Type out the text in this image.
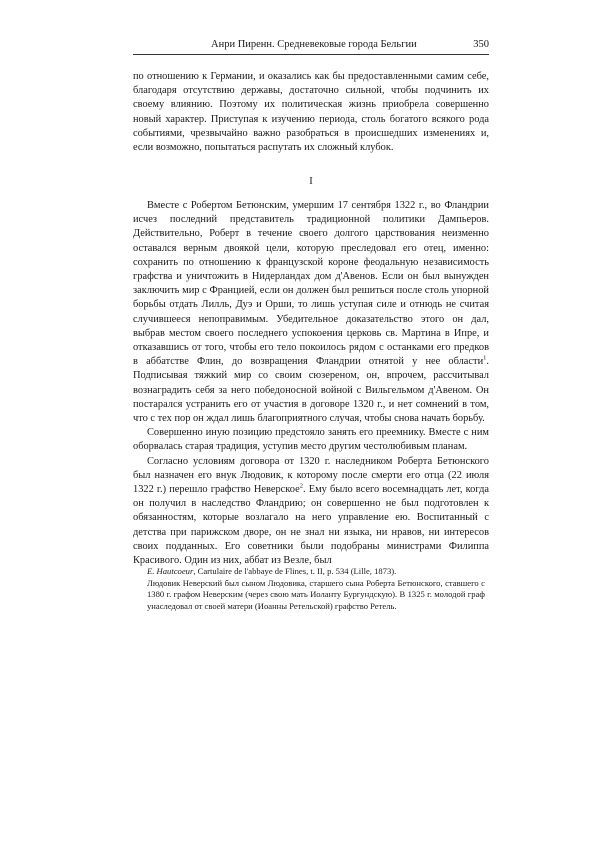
Анри Пиренн. Средневековые города Бельгии	350

по отношению к Германии, и оказались как бы предоставленными самим себе, благодаря отсутствию державы, достаточно сильной, чтобы подчинить их своему влиянию. Поэтому их политическая жизнь приобрела совершенно новый характер. Приступая к изучению периода, столь богатого всякого рода событиями, чрезвычайно важно разобраться в происшедших изменениях и, если возможно, попытаться распутать их сложный клубок.

I

Вместе с Робертом Бетюнским, умершим 17 сентября 1322 г., во Фландрии исчез последний представитель традиционной политики Дампьеров. Действительно, Роберт в течение своего долгого царствования неизменно оставался верным двоякой цели, которую преследовал его отец, именно: сохранить по отношению к французской короне феодальную независимость графства и уничтожить в Нидерландах дом д'Авенов. Если он был вынужден заключить мир с Францией, если он должен был решиться после столь упорной борьбы отдать Лилль, Дуэ и Орши, то лишь уступая силе и отнюдь не считая случившееся непоправимым. Убедительное доказательство этого он дал, выбрав местом своего последнего успокоения церковь св. Мартина в Ипре, и отказавшись от того, чтобы его тело покоилось рядом с останками его предков в аббатстве Флин, до возвращения Фландрии отнятой у нее области$^1$. Подписывая тяжкий мир со своим сюзереном, он, впрочем, рассчитывал вознаградить себя за него победоносной войной с Вильгельмом д'Авеном. Он постарался устранить его от участия в договоре 1320 г., и нет сомнений в том, что с тех пор он ждал лишь благоприятного случая, чтобы снова начать борьбу.

Совершенно иную позицию предстояло занять его преемнику. Вместе с ним оборвалась старая традиция, уступив место другим честолюбивым планам.

Согласно условиям договора от 1320 г. наследником Роберта Бетюнского был назначен его внук Людовик, к которому после смерти его отца (22 июля 1322 г.) перешло графство Неверское$^2$. Ему было всего восемнадцать лет, когда он получил в наследство Фландрию; он совершенно не был подготовлен к обязанностям, которые возлагало на него управление ею. Воспитанный с детства при парижском дворе, он не знал ни языка, ни нравов, ни интересов своих подданных. Его советники были подобраны министрами Филиппа Красивого. Один из них, аббат из Везле, был

E. Hautcoeur, Cartulaire de l'abbaye de Flines, t. II, p. 534 (Lille, 1873).

Людовик Неверский был сыном Людовика, старшего сына Роберта Бетюнского, ставшего с 1380 г. графом Неверским (через свою мать Иоланту Бургундскую). В 1325 г. молодой граф унаследовал от своей матери (Иоанны Ретельской) графство Ретель.
